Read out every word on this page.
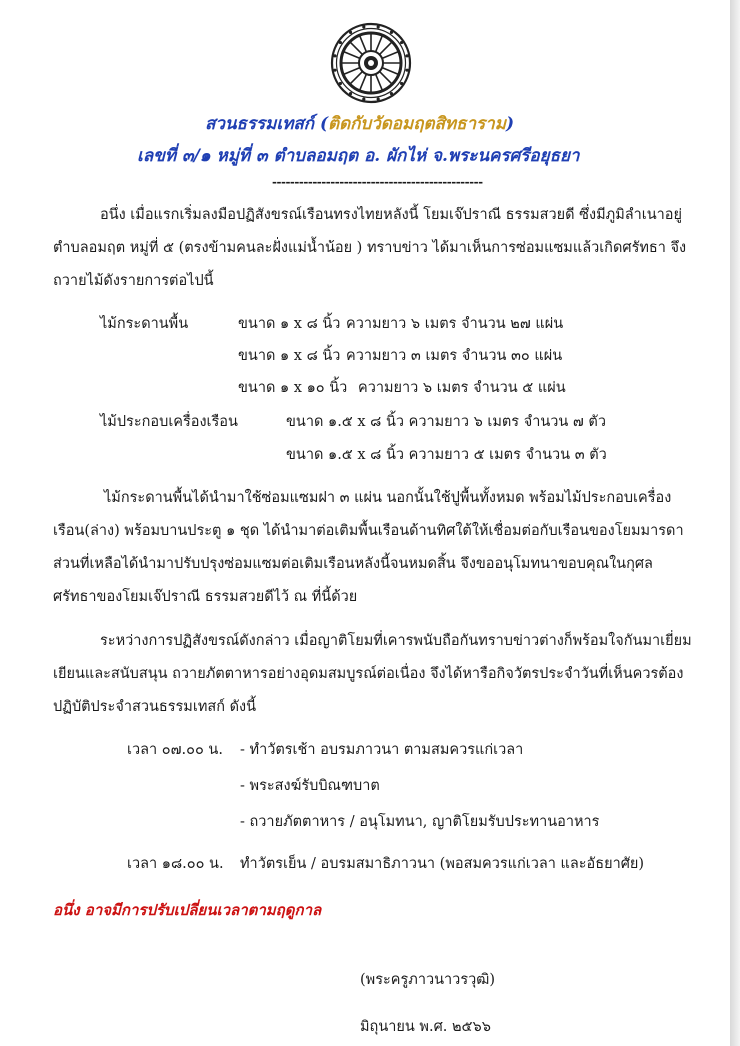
สวนธรรมเทสก์ (ติดกับวัดอมฤตสิทธาราม)
เลขที่ ๓/๑ หมู่ที่ ๓ ตำบลอมฤต อ. ผักไห่ จ.พระนครศรีอยุธยา
-----------------------------------------------
อนึ่ง เมื่อแรกเริ่มลงมือปฏิสังขรณ์เรือนทรงไทยหลังนี้ โยมเจ๊ปราณี ธรรมสวยดี ซึ่งมีภูมิลำเนาอยู่
ตำบลอมฤต หมู่ที่ ๕ (ตรงข้ามคนละฝั่งแม่น้ำน้อย ) ทราบข่าว ได้มาเห็นการซ่อมแซมแล้วเกิดศรัทธา จึง
ถวายไม้ดังรายการต่อไปนี้
ไม้กระดานพื้น	ขนาด ๑ x ๘ นิ้ว ความยาว ๖ เมตร จำนวน ๒๗ แผ่น
ขนาด ๑ x ๘ นิ้ว ความยาว ๓ เมตร จำนวน ๓๐ แผ่น
ขนาด ๑ x ๑๐ นิ้ว ความยาว ๖ เมตร จำนวน ๕ แผ่น
ไม้ประกอบเครื่องเรือน	ขนาด ๑.๕ x ๘ นิ้ว ความยาว ๖ เมตร จำนวน ๗ ตัว
ขนาด ๑.๕ x ๘ นิ้ว ความยาว ๕ เมตร จำนวน ๓ ตัว
ไม้กระดานพื้นได้นำมาใช้ซ่อมแซมฝา ๓ แผ่น นอกนั้นใช้ปูพื้นทั้งหมด พร้อมไม้ประกอบเครื่อง
เรือน(ล่าง) พร้อมบานประตู ๑ ชุด ได้นำมาต่อเติมพื้นเรือนด้านทิศใต้ให้เชื่อมต่อกับเรือนของโยมมารดา
ส่วนที่เหลือได้นำมาปรับปรุงซ่อมแซมต่อเติมเรือนหลังนี้จนหมดสิ้น จึงขออนุโมทนาขอบคุณในกุศล
ศรัทธาของโยมเจ๊ปราณี ธรรมสวยดีไว้ ณ ที่นี้ด้วย
ระหว่างการปฏิสังขรณ์ดังกล่าว เมื่อญาติโยมที่เคารพนับถือกันทราบข่าวต่างก็พร้อมใจกันมาเยี่ยม
เยียนและสนับสนุน ถวายภัตตาหารอย่างอุดมสมบูรณ์ต่อเนื่อง จึงได้หารือกิจวัตรประจำวันที่เห็นควรต้อง
ปฏิบัติประจำสวนธรรมเทสก์ ดังนี้
เวลา ๐๗.๐๐ น. - ทำวัตรเช้า อบรมภาวนา ตามสมควรแก่เวลา
- พระสงฆ์รับบิณฑบาต
- ถวายภัตตาหาร / อนุโมทนา, ญาติโยมรับประทานอาหาร
เวลา ๑๘.๐๐ น. ทำวัตรเย็น / อบรมสมาธิภาวนา (พอสมควรแก่เวลา และอัธยาศัย)
อนึ่ง อาจมีการปรับเปลี่ยนเวลาตามฤดูกาล
(พระครูภาวนาวรวุฒิ)
มิถุนายน พ.ศ. ๒๕๖๖
